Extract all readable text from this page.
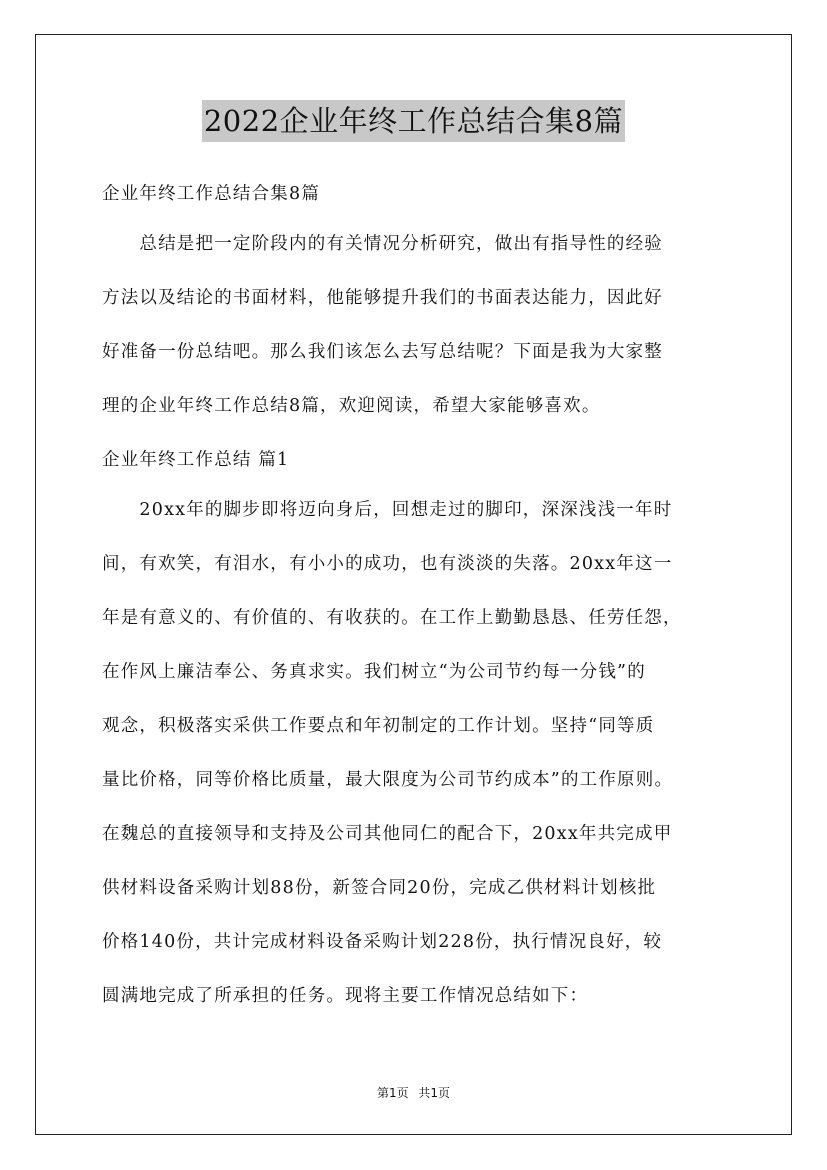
2022企业年终工作总结合集8篇
企业年终工作总结合集8篇
　　总结是把一定阶段内的有关情况分析研究，做出有指导性的经验
方法以及结论的书面材料，他能够提升我们的书面表达能力，因此好
好准备一份总结吧。那么我们该怎么去写总结呢？下面是我为大家整
理的企业年终工作总结8篇，欢迎阅读，希望大家能够喜欢。
企业年终工作总结 篇1
　　20xx年的脚步即将迈向身后，回想走过的脚印，深深浅浅一年时
间，有欢笑，有泪水，有小小的成功，也有淡淡的失落。20xx年这一
年是有意义的、有价值的、有收获的。在工作上勤勤恳恳、任劳任怨，
在作风上廉洁奉公、务真求实。我们树立“为公司节约每一分钱”的
观念，积极落实采供工作要点和年初制定的工作计划。坚持“同等质
量比价格，同等价格比质量，最大限度为公司节约成本”的工作原则。
在魏总的直接领导和支持及公司其他同仁的配合下，20xx年共完成甲
供材料设备采购计划88份，新签合同20份，完成乙供材料计划核批
价格140份，共计完成材料设备采购计划228份，执行情况良好，较
圆满地完成了所承担的任务。现将主要工作情况总结如下：
第1页 共1页
